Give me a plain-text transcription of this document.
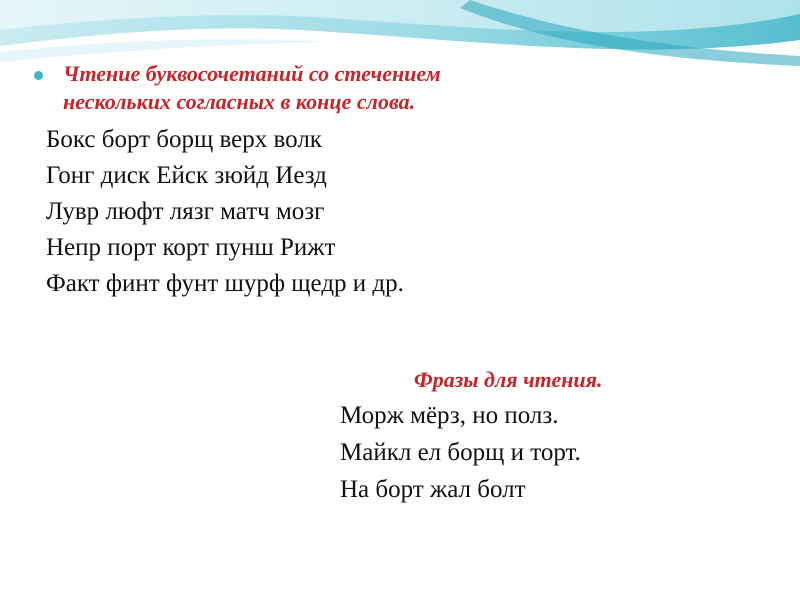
Чтение буквосочетаний со стечением
нескольких согласных в конце слова.
Бокс борт борщ верх волк
Гонг диск Ейск зюйд Иезд
Лувр люфт лязг матч мозг
Непр порт корт пунш Рижт
Факт финт фунт шурф щедр и др.
Фразы для чтения.
Морж мёрз, но полз.
Майкл ел борщ и торт.
На борт жал болт
